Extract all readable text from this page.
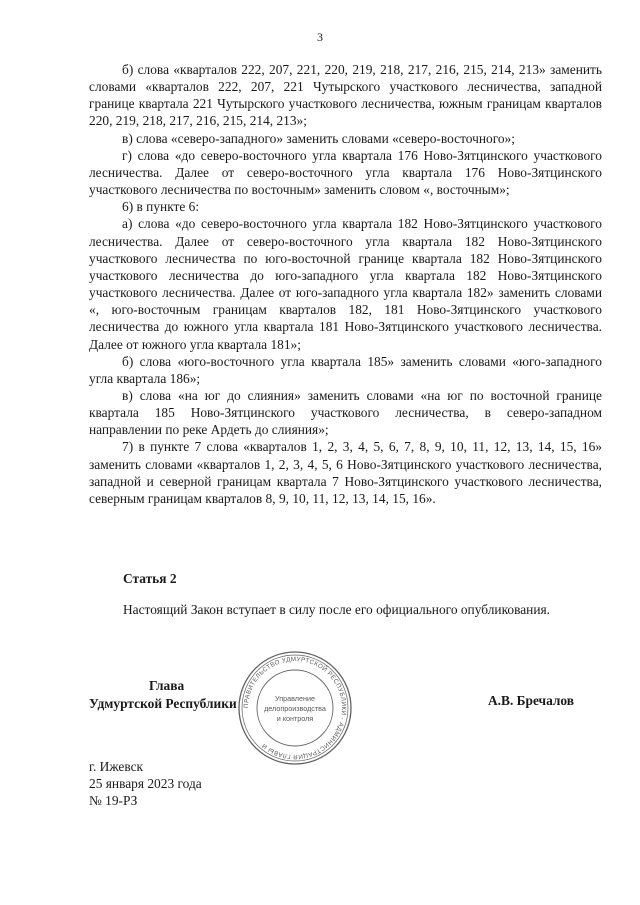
3

б) слова «кварталов 222, 207, 221, 220, 219, 218, 217, 216, 215, 214, 213» заменить словами «кварталов 222, 207, 221 Чутырского участкового лесничества, западной границе квартала 221 Чутырского участкового лесничества, южным границам кварталов 220, 219, 218, 217, 216, 215, 214, 213»;

в) слова «северо-западного» заменить словами «северо-восточного»;

г) слова «до северо-восточного угла квартала 176 Ново-Зятцинского участкового лесничества. Далее от северо-восточного угла квартала 176 Ново-Зятцинского участкового лесничества по восточным» заменить словом «, восточным»;

6) в пункте 6:

а) слова «до северо-восточного угла квартала 182 Ново-Зятцинского участкового лесничества. Далее от северо-восточного угла квартала 182 Ново-Зятцинского участкового лесничества по юго-восточной границе квартала 182 Ново-Зятцинского участкового лесничества до юго-западного угла квартала 182 Ново-Зятцинского участкового лесничества. Далее от юго-западного угла квартала 182» заменить словами «, юго-восточным границам кварталов 182, 181 Ново-Зятцинского участкового лесничества до южного угла квартала 181 Ново-Зятцинского участкового лесничества. Далее от южного угла квартала 181»;

б) слова «юго-восточного угла квартала 185» заменить словами «юго-западного угла квартала 186»;

в) слова «на юг до слияния» заменить словами «на юг по восточной границе квартала 185 Ново-Зятцинского участкового лесничества, в северо-западном направлении по реке Ардеть до слияния»;

7) в пункте 7 слова «кварталов 1, 2, 3, 4, 5, 6, 7, 8, 9, 10, 11, 12, 13, 14, 15, 16» заменить словами «кварталов 1, 2, 3, 4, 5, 6 Ново-Зятцинского участкового лесничества, западной и северной границам квартала 7 Ново-Зятцинского участкового лесничества, северным границам кварталов 8, 9, 10, 11, 12, 13, 14, 15, 16».

Статья 2
Настоящий Закон вступает в силу после его официального опубликования.
ПРАВИТЕЛЬСТВО УДМУРТСКОЙ РЕСПУБЛИКИ · АДМИНИСТРАЦИЯ ГЛАВЫ И
Управление
делопроизводства
и контроля
Глава
Удмуртской Республики	А.В. Бречалов
г. Ижевск
25 января 2023 года
№ 19-РЗ
